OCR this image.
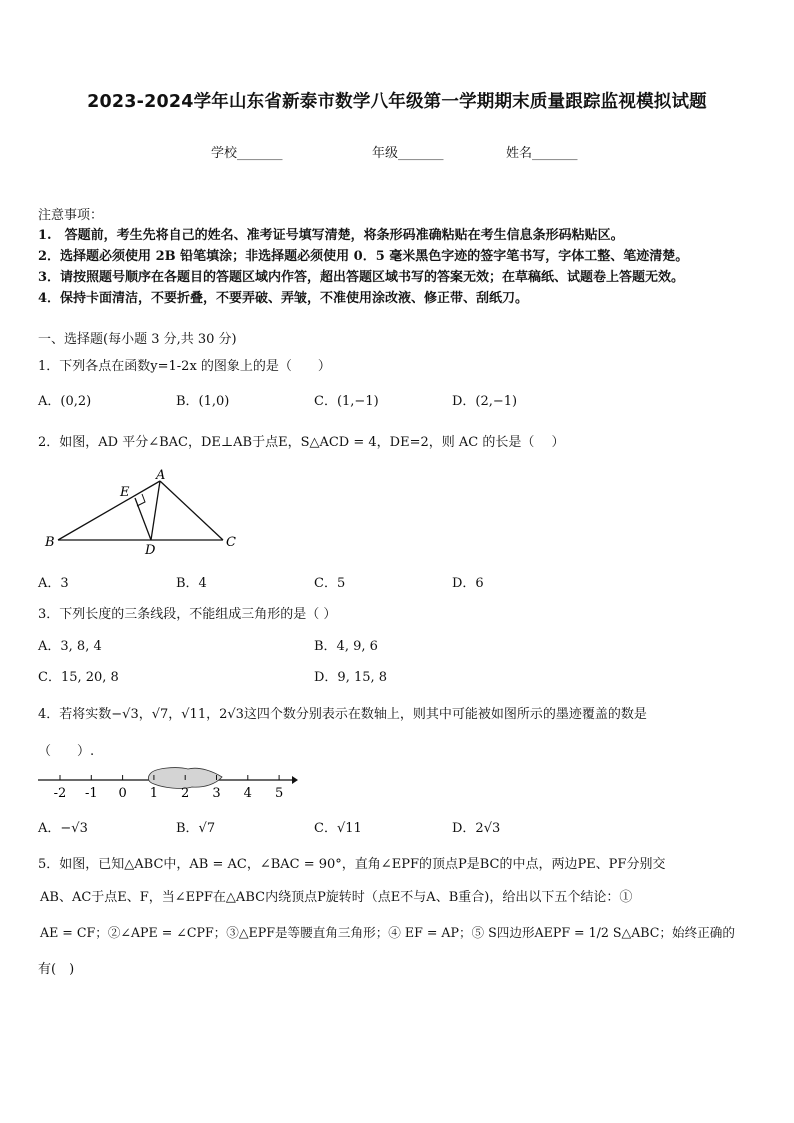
2023-2024学年山东省新泰市数学八年级第一学期期末质量跟踪监视模拟试题
学校_______	年级_______	姓名_______
注意事项：
1.　答题前，考生先将自己的姓名、准考证号填写清楚，将条形码准确粘贴在考生信息条形码粘贴区。
2．选择题必须使用 2B 铅笔填涂；非选择题必须使用 0．5 毫米黑色字迹的签字笔书写，字体工整、笔迹清楚。
3．请按照题号顺序在各题目的答题区域内作答，超出答题区域书写的答案无效；在草稿纸、试题卷上答题无效。
4．保持卡面清洁，不要折叠，不要弄破、弄皱，不准使用涂改液、修正带、刮纸刀。
一、选择题(每小题 3 分,共 30 分)
1．下列各点在函数y=1-2x 的图象上的是（　　）
A．(0,2)	B．(1,0)	C．(1,−1)	D．(2,−1)
2．如图，AD 平分∠BAC，DE⊥AB于点E，S△ACD = 4，DE=2，则 AC 的长是（　 ）
A
E
B
D
C
A．3	B．4	C．5	D．6
3．下列长度的三条线段，不能组成三角形的是（ ）
A．3, 8, 4	B．4, 9, 6
C．15, 20, 8	D．9, 15, 8
4．若将实数−√3，√7，√11，2√3这四个数分别表示在数轴上，则其中可能被如图所示的墨迹覆盖的数是
（　　）.
-2 -1 0 1 2 3 4 5
A．−√3	B．√7	C．√11	D．2√3
5．如图，已知△ABC中，AB = AC，∠BAC = 90°，直角∠EPF的顶点P是BC的中点，两边PE、PF分别交
AB、AC于点E、F，当∠EPF在△ABC内绕顶点P旋转时（点E不与A、B重合)，给出以下五个结论：①
AE = CF；②∠APE = ∠CPF；③△EPF是等腰直角三角形；④ EF = AP；⑤ S四边形AEPF = 1/2 S△ABC；始终正确的
有(　)
